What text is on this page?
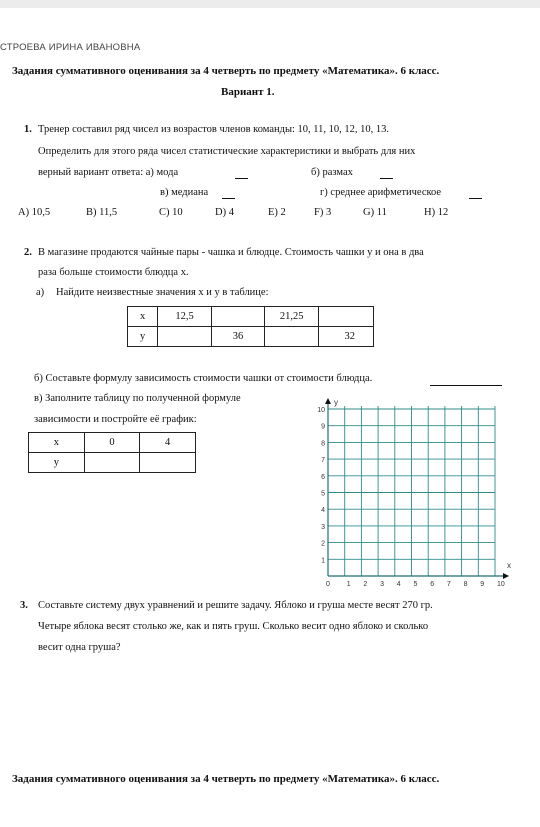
СТРОЕВА ИРИНА ИВАНОВНА
Задания суммативного оценивания за 4 четверть по предмету «Математика». 6 класс.
Вариант 1.
1. Тренер составил ряд чисел из возрастов членов команды: 10, 11, 10, 12, 10, 13.
Определить для этого ряда чисел статистические характеристики и выбрать для них
верный вариант ответа: а) мода	б) размах
в) медиана	г) среднее арифметическое
А) 10,5	В) 11,5	С) 10	D) 4	Е) 2	F) 3	G) 11	Н) 12
2. В магазине продаются чайные пары - чашка и блюдце. Стоимость чашки у и она в два
раза больше стоимости блюдца х.
а) Найдите неизвестные значения х и у в таблице:
х	12,5		21,25	
у		36		32
б) Составьте формулу зависимость стоимости чашки от стоимости блюдца.
в) Заполните таблицу по полученной формуле
зависимости и постройте её график:
х	0	4
у		
0 1 2 3 4 5 6 7 8 9 10
1
2
3
4
5
6
7
8
9
10
х
у
3. Составьте систему двух уравнений и решите задачу. Яблоко и груша месте весят 270 гр.
Четыре яблока весят столько же, как и пять груш. Сколько весит одно яблоко и сколько
весит одна груша?
Задания суммативного оценивания за 4 четверть по предмету «Математика». 6 класс.
